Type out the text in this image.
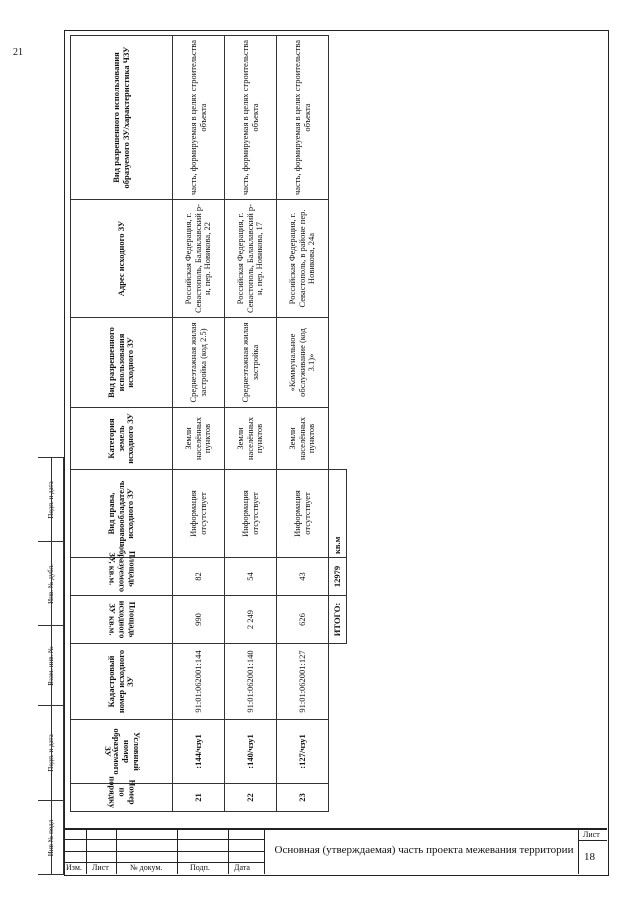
21
Подп. и дата
Инв. № дубл.
Взам. инв. №
Подп. и дата
Инв № подл
Номер по порядку	Условный номер образуемого ЗУ	Кадастровый номер исходного ЗУ	Площадь исходного ЗУ кв.м.	Площадь образуемого ЗУ, кв.м.	Вид права, правообладатель исходного ЗУ	Категория земель исходного ЗУ	Вид разрешенного использования исходного ЗУ	Адрес исходного ЗУ	Вид разрешенного использования образуемого ЗУ/характеристика ЧЗУ
21	:144/чзу1	91:01:062001:144	990	82	Информация отсутствует	Земли населённых пунктов	Среднеэтажная жилая застройка (код 2.5)	Российская Федерация, г. Севастополь, Балаклавский р-н, пер. Новикова, 22	часть, формируемая в целях строительства объекта
22	:140/чзу1	91:01:062001:140	2 249	54	Информация отсутствует	Земли населённых пунктов	Среднеэтажная жилая застройка	Российская Федерация, г. Севастополь, Балаклавский р-н, пер. Новикова, 17	часть, формируемая в целях строительства объекта
23	:127/чзу1	91:01:062001:127	626	43	Информация отсутствует	Земли населённых пунктов	«Коммунальное обслуживание (код 3.1)»	Российская Федерация, г. Севастополь, в районе пер. Новикова, 24а	часть, формируемая в целях строительства объекта
			ИТОГО:	12979	кв.м				
Изм. Лист	№ докум.	Подп.	Дата
Основная (утверждаемая) часть проекта межевания территории
Лист
18
